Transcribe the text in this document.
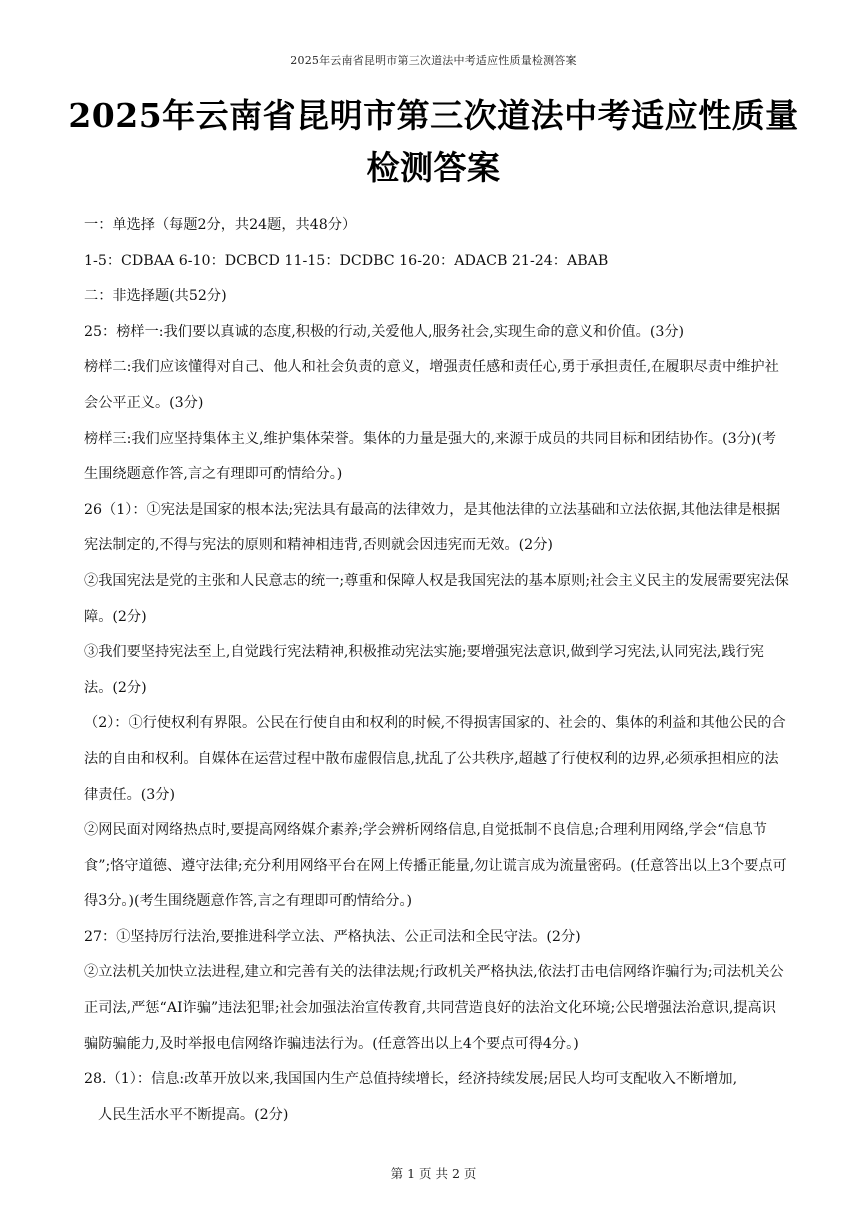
2025年云南省昆明市第三次道法中考适应性质量检测答案
2025年云南省昆明市第三次道法中考适应性质量
检测答案

一：单选择（每题2分，共24题，共48分）

1-5：CDBAA 6-10：DCBCD 11-15：DCDBC 16-20：ADACB 21-24：ABAB

二：非选择题(共52分)

25：榜样一:我们要以真诚的态度,积极的行动,关爱他人,服务社会,实现生命的意义和价值。(3分)

榜样二:我们应该懂得对自己、他人和社会负责的意义，增强责任感和责任心,勇于承担责任,在履职尽责中维护社会公平正义。(3分)

榜样三:我们应坚持集体主义,维护集体荣誉。集体的力量是强大的,来源于成员的共同目标和团结协作。(3分)(考生围绕题意作答,言之有理即可酌情给分。)

26（1）：①宪法是国家的根本法;宪法具有最高的法律效力，是其他法律的立法基础和立法依据,其他法律是根据宪法制定的,不得与宪法的原则和精神相违背,否则就会因违宪而无效。(2分)

②我国宪法是党的主张和人民意志的统一;尊重和保障人权是我国宪法的基本原则;社会主义民主的发展需要宪法保障。(2分)

③我们要坚持宪法至上,自觉践行宪法精神,积极推动宪法实施;要增强宪法意识,做到学习宪法,认同宪法,践行宪法。(2分)

（2）：①行使权利有界限。公民在行使自由和权利的时候,不得损害国家的、社会的、集体的利益和其他公民的合法的自由和权利。自媒体在运营过程中散布虚假信息,扰乱了公共秩序,超越了行使权利的边界,必须承担相应的法律责任。(3分)

②网民面对网络热点时,要提高网络媒介素养;学会辨析网络信息,自觉抵制不良信息;合理利用网络,学会“信息节食”;恪守道德、遵守法律;充分利用网络平台在网上传播正能量,勿让谎言成为流量密码。(任意答出以上3个要点可得3分。)(考生围绕题意作答,言之有理即可酌情给分。)

27：①坚持厉行法治,要推进科学立法、严格执法、公正司法和全民守法。(2分)

②立法机关加快立法进程,建立和完善有关的法律法规;行政机关严格执法,依法打击电信网络诈骗行为;司法机关公正司法,严惩“AI诈骗”违法犯罪;社会加强法治宣传教育,共同营造良好的法治文化环境;公民增强法治意识,提高识骗防骗能力,及时举报电信网络诈骗违法行为。(任意答出以上4个要点可得4分。)

28.（1）：信息:改革开放以来,我国国内生产总值持续增长，经济持续发展;居民人均可支配收入不断增加,

人民生活水平不断提高。(2分)

第 1 页 共 2 页
